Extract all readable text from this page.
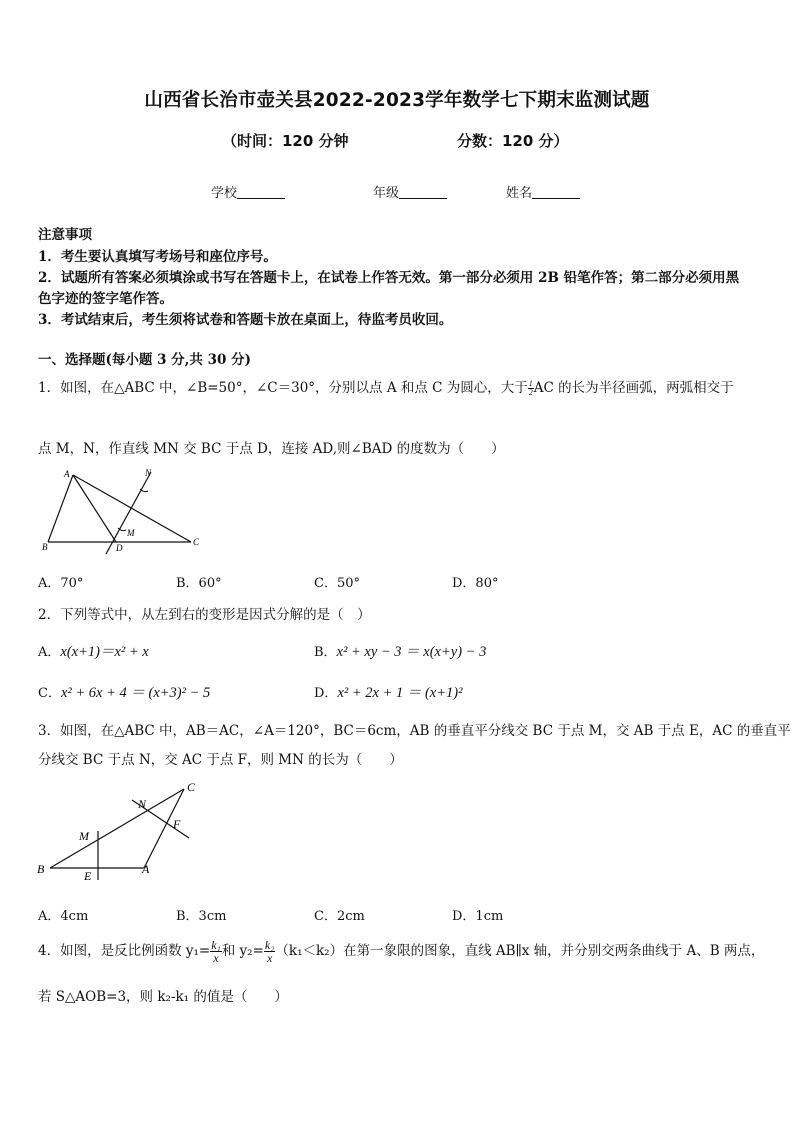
山西省长治市壶关县2022-2023学年数学七下期末监测试题
（时间：120 分钟	分数：120 分）
学校	年级	姓名
注意事项
1．考生要认真填写考场号和座位序号。
2．试题所有答案必须填涂或书写在答题卡上，在试卷上作答无效。第一部分必须用 2B 铅笔作答；第二部分必须用黑
色字迹的签字笔作答。
3．考试结束后，考生须将试卷和答题卡放在桌面上，待监考员收回。
一、选择题(每小题 3 分,共 30 分)
1．如图，在△ABC 中，∠B=50°，∠C＝30°，分别以点 A 和点 C 为圆心，大于 $\frac{1}{2}$ AC 的长为半径画弧，两弧相交于
点 M，N，作直线 MN 交 BC 于点 D，连接 AD,则∠BAD 的度数为（　　）
A
B	C
D
M
N
A．70°	B．60°	C．50°	D．80°
2．下列等式中，从左到右的变形是因式分解的是（　）
A．x(x+1)＝x² + x	B．x² + xy − 3 ＝ x(x+y) − 3
C．x² + 6x + 4 ＝ (x+3)² − 5	D．x² + 2x + 1 ＝ (x+1)²
3．如图，在△ABC 中，AB＝AC，∠A＝120°，BC＝6cm，AB 的垂直平分线交 BC 于点 M，交 AB 于点 E，AC 的垂直平
分线交 BC 于点 N，交 AC 于点 F，则 MN 的长为（　　）
C
B	A
E
F
M
N
A．4cm	B．3cm	C．2cm	D．1cm
4．如图，是反比例函数 $y_1= \frac{\text{k₁}}{x}$ 和 $y_2= \frac{\text{k₂}}{x} (k_1<k_2)$在第一象限的图象，直线 AB∥x 轴，并分别交两条曲线于 A、B 两点，
若 S△AOB=3，则 k₂-k₁ 的值是（　　）
